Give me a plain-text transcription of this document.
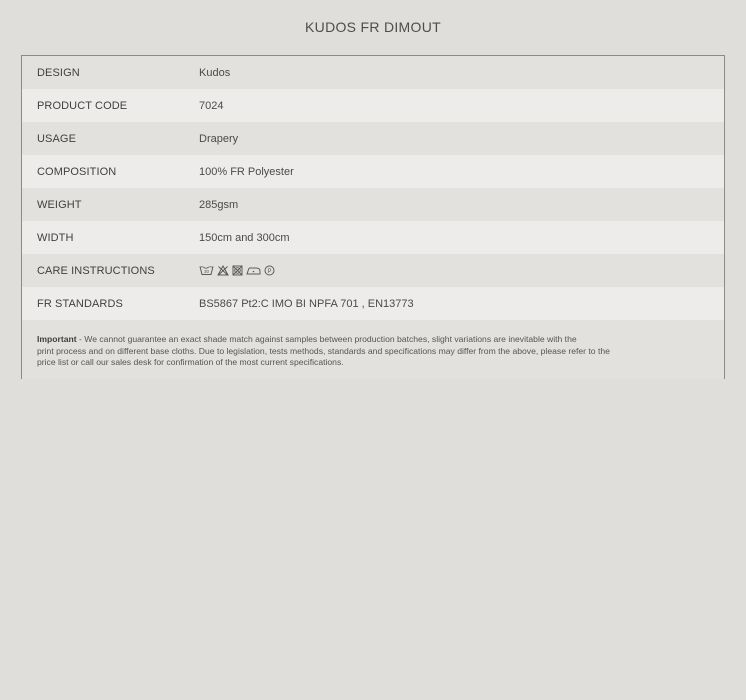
KUDOS FR DIMOUT
DESIGN	Kudos
PRODUCT CODE	7024
USAGE	Drapery
COMPOSITION	100% FR Polyester
WEIGHT	285gsm
WIDTH	150cm and 300cm
CARE INSTRUCTIONS	30	P
FR STANDARDS	BS5867 Pt2:C IMO BI NPFA 701 , EN13773
Important - We cannot guarantee an exact shade match against samples between production batches, slight variations are inevitable with the
print process and on different base cloths. Due to legislation, tests methods, standards and specifications may differ from the above, please refer to the
price list or call our sales desk for confirmation of the most current specifications.
